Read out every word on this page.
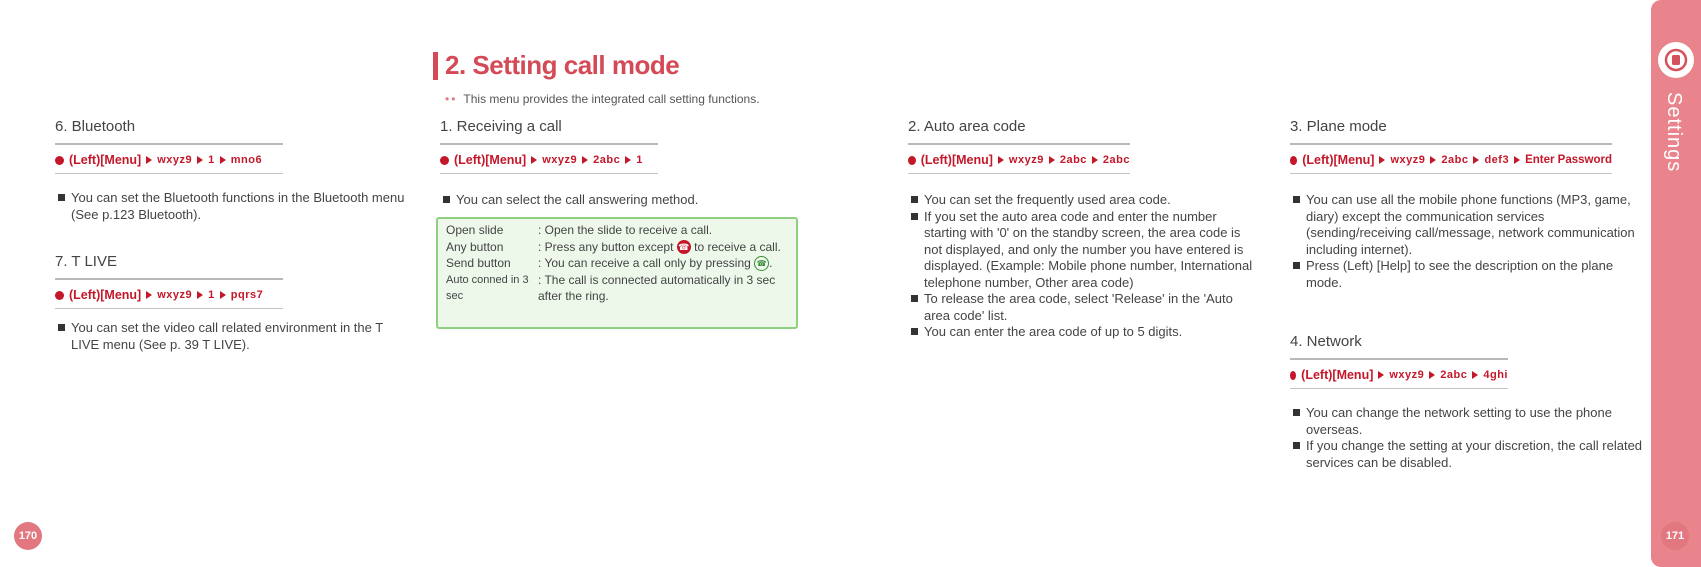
2. Setting call mode
•• This menu provides the integrated call setting functions.
6. Bluetooth
(Left)[Menu] wxyz9 1 mno6
You can set the Bluetooth functions in the Bluetooth menu (See p.123 Bluetooth).
7. T LIVE
(Left)[Menu] wxyz9 1 pqrs7
You can set the video call related environment in the T LIVE menu (See p. 39 T LIVE).
1. Receiving a call
(Left)[Menu] wxyz9 2abc 1
You can select the call answering method.
Open slide	: Open the slide to receive a call.
Any button	: Press any button except ☎ to receive a call.
Send button	: You can receive a call only by pressing ☎ .
Auto conned in 3 sec
: The call is connected automatically in 3 sec after the ring.
2. Auto area code
(Left)[Menu] wxyz9 2abc 2abc
You can set the frequently used area code.
If you set the auto area code and enter the number starting with '0' on the standby screen, the area code is not displayed, and only the number you have entered is displayed. (Example: Mobile phone number, International telephone number, Other area code)
To release the area code, select 'Release' in the 'Auto area code' list.
You can enter the area code of up to 5 digits.
3. Plane mode
(Left)[Menu] wxyz9 2abc def3 Enter Password
You can use all the mobile phone functions (MP3, game, diary) except the communication services (sending/receiving call/message, network communication including internet).
Press (Left) [Help] to see the description on the plane mode.
4. Network
(Left)[Menu] wxyz9 2abc 4ghi
You can change the network setting to use the phone overseas.
If you change the setting at your discretion, the call related services can be disabled.
Settings
170	171
